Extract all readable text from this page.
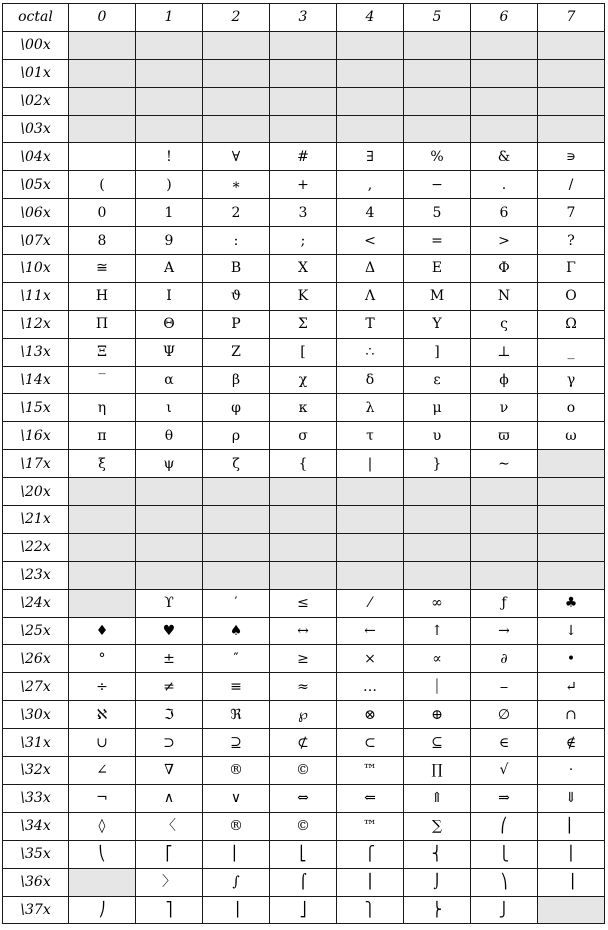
octal	0	1	2	3	4	5	6	7
\00x								
\01x								
\02x								
\03x								
\04x		!	∀	#	∃	%	&	∍
\05x	(	)	∗	+	,	−	.	/
\06x	0	1	2	3	4	5	6	7
\07x	8	9	:	;	<	=	>	?
\10x	≅	Α	Β	Χ	Δ	Ε	Φ	Γ
\11x	Η	Ι	ϑ	Κ	Λ	Μ	Ν	Ο
\12x	Π	Θ	Ρ	Σ	Τ	Υ	ς	Ω
\13x	Ξ	Ψ	Ζ	[	∴	]	⊥	_
\14x	‾	α	β	χ	δ	ε	ϕ	γ
\15x	η	ι	φ	κ	λ	μ	ν	ο
\16x	π	θ	ρ	σ	τ	υ	ϖ	ω
\17x	ξ	ψ	ζ	{	|	}	∼	
\20x								
\21x								
\22x								
\23x								
\24x		ϒ	′	≤	⁄	∞	ƒ	♣
\25x	♦	♥	♠	↔	←	↑	→	↓
\26x	°	±	″	≥	×	∝	∂	•
\27x	÷	≠	≡	≈	…	⏐	⎯	↵
\30x	ℵ	ℑ	ℜ	℘	⊗	⊕	∅	∩
\31x	∪	⊃	⊇	⊄	⊂	⊆	∈	∉
\32x	∠	∇	®	©	™	∏	√	⋅
\33x	¬	∧	∨	⇔	⇐	⇑	⇒	⇓
\34x	◊	〈	®	©	™	∑	⎛	⎜
\35x	⎝	⎡	⎢	⎣	⎧	⎨	⎩	⎪
\36x		〉	∫	⌠	⎮	⌡	⎞	⎟
\37x	⎠	⎤	⎥	⎦	⎫	⎬	⎭	
